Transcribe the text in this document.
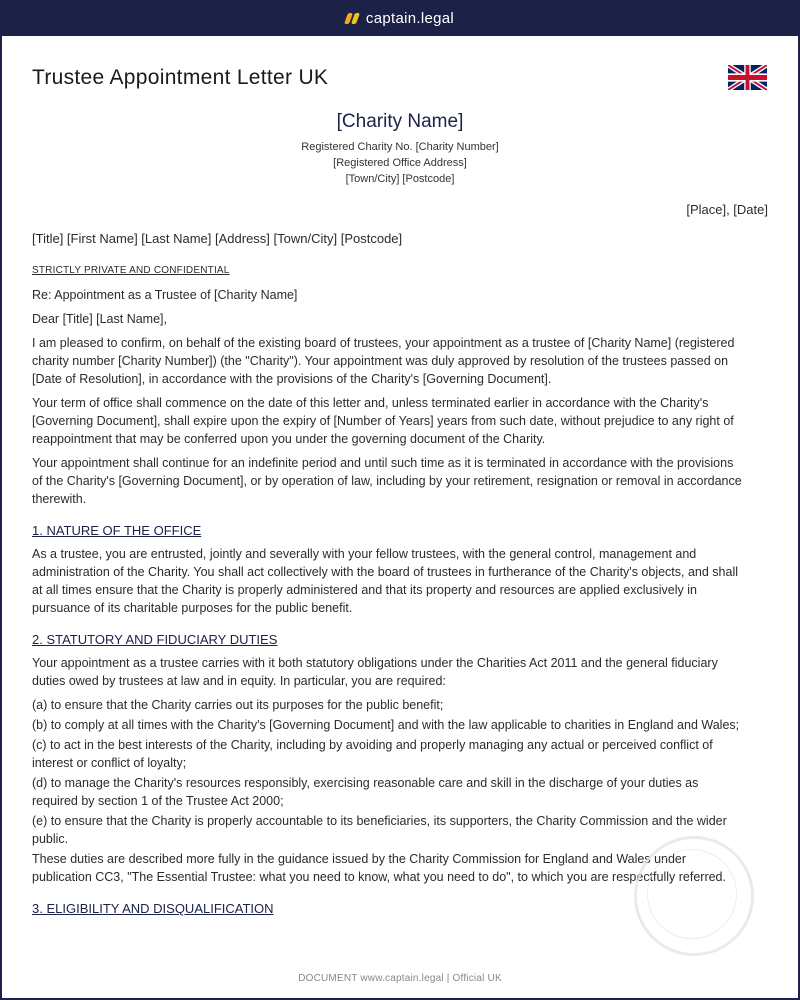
captain.legal
Trustee Appointment Letter UK
[Charity Name]
Registered Charity No. [Charity Number]
[Registered Office Address]
[Town/City] [Postcode]
[Place], [Date]
[Title] [First Name] [Last Name] [Address] [Town/City] [Postcode]
STRICTLY PRIVATE AND CONFIDENTIAL

Re: Appointment as a Trustee of [Charity Name]

Dear [Title] [Last Name],

I am pleased to confirm, on behalf of the existing board of trustees, your appointment as a trustee of [Charity Name] (registered charity number [Charity Number]) (the "Charity"). Your appointment was duly approved by resolution of the trustees passed on [Date of Resolution], in accordance with the provisions of the Charity's [Governing Document].

Your term of office shall commence on the date of this letter and, unless terminated earlier in accordance with the Charity's [Governing Document], shall expire upon the expiry of [Number of Years] years from such date, without prejudice to any right of reappointment that may be conferred upon you under the governing document of the Charity.

Your appointment shall continue for an indefinite period and until such time as it is terminated in accordance with the provisions of the Charity's [Governing Document], or by operation of law, including by your retirement, resignation or removal in accordance therewith.

1. NATURE OF THE OFFICE

As a trustee, you are entrusted, jointly and severally with your fellow trustees, with the general control, management and administration of the Charity. You shall act collectively with the board of trustees in furtherance of the Charity's objects, and shall at all times ensure that the Charity is properly administered and that its property and resources are applied exclusively in pursuance of its charitable purposes for the public benefit.

2. STATUTORY AND FIDUCIARY DUTIES

Your appointment as a trustee carries with it both statutory obligations under the Charities Act 2011 and the general fiduciary duties owed by trustees at law and in equity. In particular, you are required:

(a) to ensure that the Charity carries out its purposes for the public benefit;

(b) to comply at all times with the Charity's [Governing Document] and with the law applicable to charities in England and Wales;

(c) to act in the best interests of the Charity, including by avoiding and properly managing any actual or perceived conflict of interest or conflict of loyalty;

(d) to manage the Charity's resources responsibly, exercising reasonable care and skill in the discharge of your duties as required by section 1 of the Trustee Act 2000;

(e) to ensure that the Charity is properly accountable to its beneficiaries, its supporters, the Charity Commission and the wider public.

These duties are described more fully in the guidance issued by the Charity Commission for England and Wales under publication CC3, "The Essential Trustee: what you need to know, what you need to do", to which you are respectfully referred.

3. ELIGIBILITY AND DISQUALIFICATION
DOCUMENT www.captain.legal | Official UK
